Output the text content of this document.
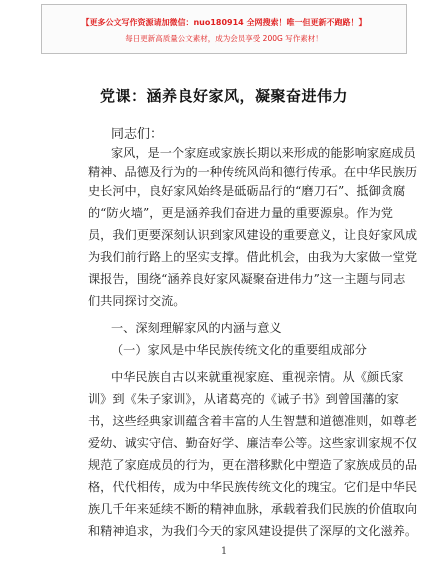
【更多公文写作资源请加微信：nuo180914 全网搜索！唯一但更新不跑路！】
每日更新高质量公文素材，成为会员享受 200G 写作素材！
党课：涵养良好家风，凝聚奋进伟力
同志们：
家风，是一个家庭或家族长期以来形成的能影响家庭成员
精神、品德及行为的一种传统风尚和德行传承。在中华民族历
史长河中，良好家风始终是砥砺品行的“磨刀石”、抵御贪腐
的“防火墙”，更是涵养我们奋进力量的重要源泉。作为党
员，我们更要深刻认识到家风建设的重要意义，让良好家风成
为我们前行路上的坚实支撑。借此机会，由我为大家做一堂党
课报告，围绕“涵养良好家风凝聚奋进伟力”这一主题与同志
们共同探讨交流。
一、深刻理解家风的内涵与意义
（一）家风是中华民族传统文化的重要组成部分
中华民族自古以来就重视家庭、重视亲情。从《颜氏家
训》到《朱子家训》，从诸葛亮的《诫子书》到曾国藩的家
书，这些经典家训蕴含着丰富的人生智慧和道德准则，如尊老
爱幼、诚实守信、勤奋好学、廉洁奉公等。这些家训家规不仅
规范了家庭成员的行为，更在潜移默化中塑造了家族成员的品
格，代代相传，成为中华民族传统文化的瑰宝。它们是中华民
族几千年来延续不断的精神血脉，承载着我们民族的价值取向
和精神追求，为我们今天的家风建设提供了深厚的文化滋养。
1
